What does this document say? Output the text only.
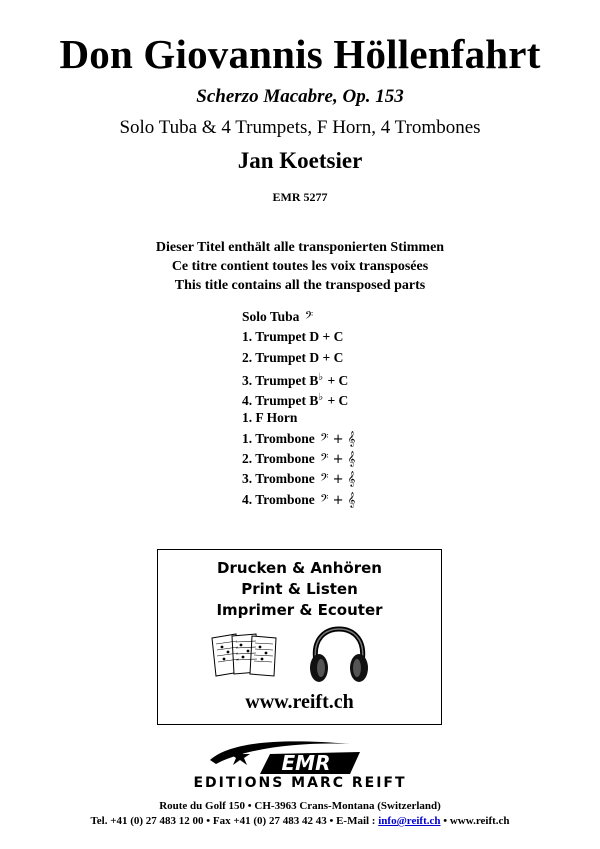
Don Giovannis Höllenfahrt
Scherzo Macabre, Op. 153
Solo Tuba & 4 Trumpets, F Horn, 4 Trombones
Jan Koetsier
EMR 5277
Dieser Titel enthält alle transponierten Stimmen
Ce titre contient toutes les voix transposées
This title contains all the transposed parts
Solo Tuba 𝄢
1. Trumpet D + C
2. Trumpet D + C
3. Trumpet B♭ + C
4. Trumpet B♭ + C
1. F Horn
1. Trombone 𝄢 + 𝄞
2. Trombone 𝄢 + 𝄞
3. Trombone 𝄢 + 𝄞
4. Trombone 𝄢 + 𝄞
Drucken & Anhören
Print & Listen
Imprimer & Ecouter
www.reift.ch
EMR
EDITIONS MARC REIFT
Route du Golf 150 • CH-3963 Crans-Montana (Switzerland)
Tel. +41 (0) 27 483 12 00 • Fax +41 (0) 27 483 42 43 • E-Mail : info@reift.ch • www.reift.ch
